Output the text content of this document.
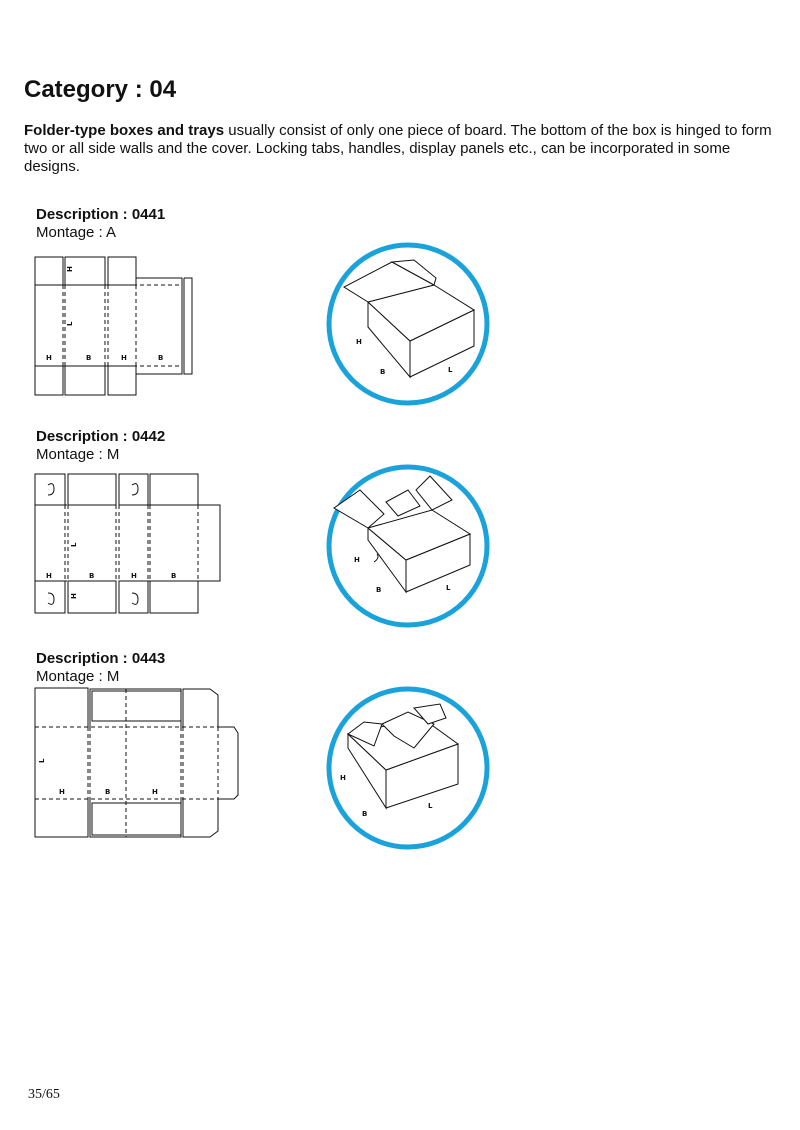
Category : 04

Folder-type boxes and trays usually consist of only one piece of board. The bottom of the box is hinged to form two or all side walls and the cover. Locking tabs, handles, display panels etc., can be incorporated in some designs.

Description : 0441
Montage : A
H
L
H	B	H	B
H
B	L
Description : 0442
Montage : M
L
H	B	H	B
H
H
B	L
Description : 0443
Montage : M
L
H	B	H
H
B
L
35/65
